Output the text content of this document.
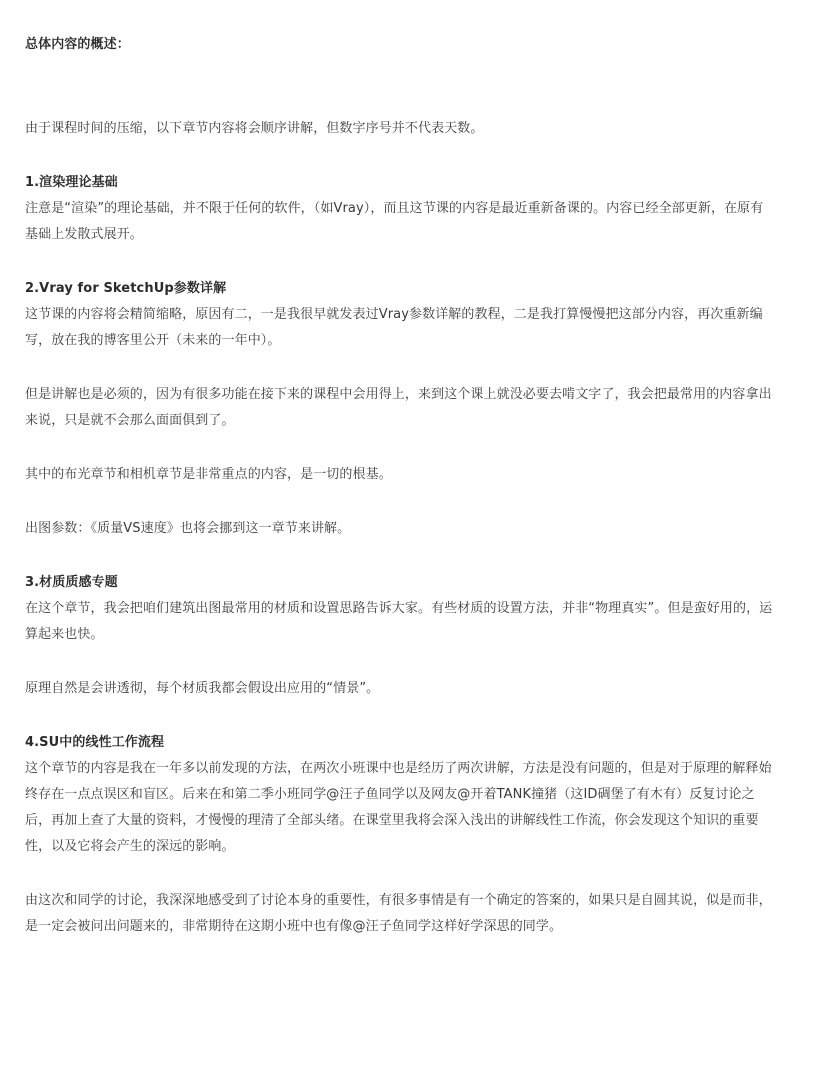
总体内容的概述：
由于课程时间的压缩，以下章节内容将会顺序讲解，但数字序号并不代表天数。
1.渲染理论基础
注意是“渲染”的理论基础，并不限于任何的软件，（如Vray），而且这节课的内容是最近重新备课的。内容已经全部更新，在原有
基础上发散式展开。
2.Vray for SketchUp参数详解
这节课的内容将会精简缩略，原因有二，一是我很早就发表过Vray参数详解的教程，二是我打算慢慢把这部分内容，再次重新编
写，放在我的博客里公开（未来的一年中）。
但是讲解也是必须的，因为有很多功能在接下来的课程中会用得上，来到这个课上就没必要去啃文字了，我会把最常用的内容拿出
来说，只是就不会那么面面俱到了。
其中的布光章节和相机章节是非常重点的内容，是一切的根基。
出图参数：《质量VS速度》也将会挪到这一章节来讲解。
3.材质质感专题
在这个章节，我会把咱们建筑出图最常用的材质和设置思路告诉大家。有些材质的设置方法，并非“物理真实”。但是蛮好用的，运
算起来也快。
原理自然是会讲透彻，每个材质我都会假设出应用的“情景”。
4.SU中的线性工作流程
这个章节的内容是我在一年多以前发现的方法，在两次小班课中也是经历了两次讲解，方法是没有问题的，但是对于原理的解释始
终存在一点点误区和盲区。后来在和第二季小班同学@汪子鱼同学以及网友@开着TANK撞猪（这ID碉堡了有木有）反复讨论之
后，再加上查了大量的资料，才慢慢的理清了全部头绪。在课堂里我将会深入浅出的讲解线性工作流，你会发现这个知识的重要
性，以及它将会产生的深远的影响。
由这次和同学的讨论，我深深地感受到了讨论本身的重要性，有很多事情是有一个确定的答案的，如果只是自圆其说，似是而非，
是一定会被问出问题来的，非常期待在这期小班中也有像@汪子鱼同学这样好学深思的同学。
